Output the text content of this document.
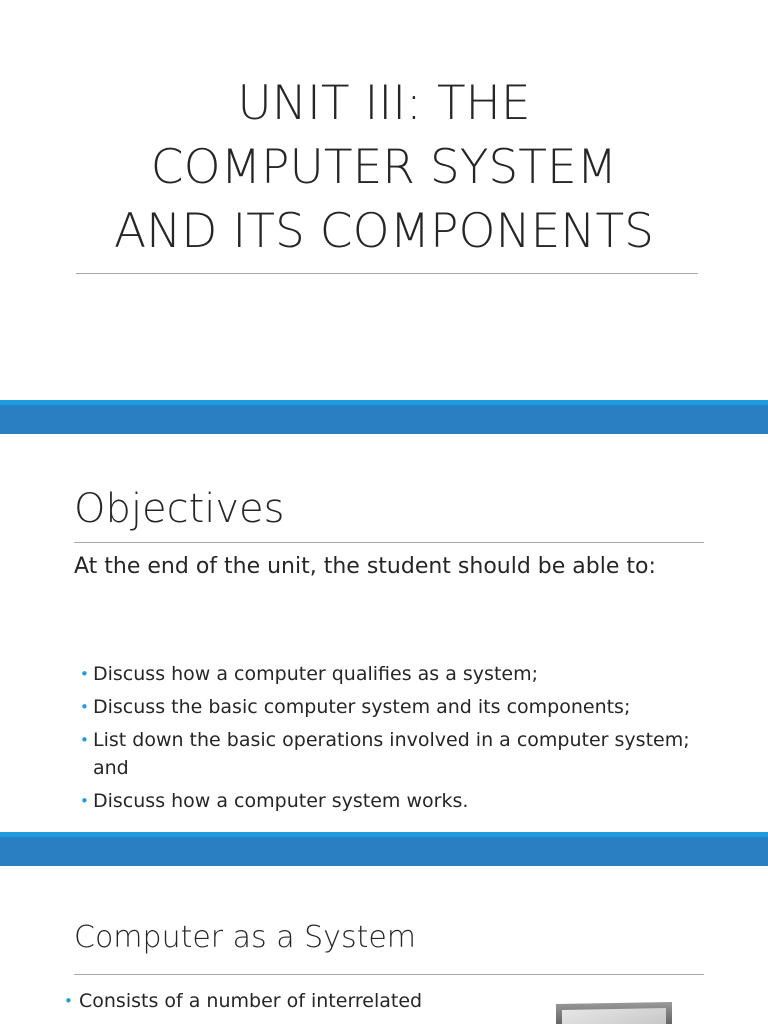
UNIT III: THE
COMPUTER SYSTEM
AND ITS COMPONENTS
Objectives

At the end of the unit, the student should be able to:

• Discuss how a computer qualifies as a system;
• Discuss the basic computer system and its components;
• List down the basic operations involved in a computer system; and
• Discuss how a computer system works.
Computer as a System
• Consists of a number of interrelated
